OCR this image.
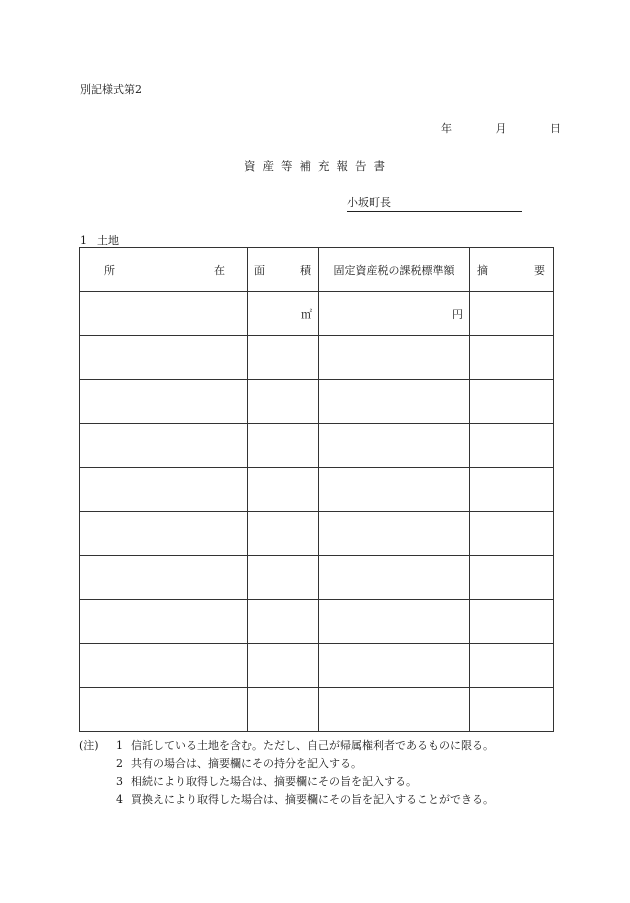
別記様式第2
年	月	日
資産等補充報告書
小坂町長
1 土地
所 在	面 積	固定資産税の課税標準額	摘 要

	㎡	円	

(注)	1 信託している土地を含む。ただし、自己が帰属権利者であるものに限る。
2 共有の場合は、摘要欄にその持分を記入する。
3 相続により取得した場合は、摘要欄にその旨を記入する。
4 買換えにより取得した場合は、摘要欄にその旨を記入することができる。
